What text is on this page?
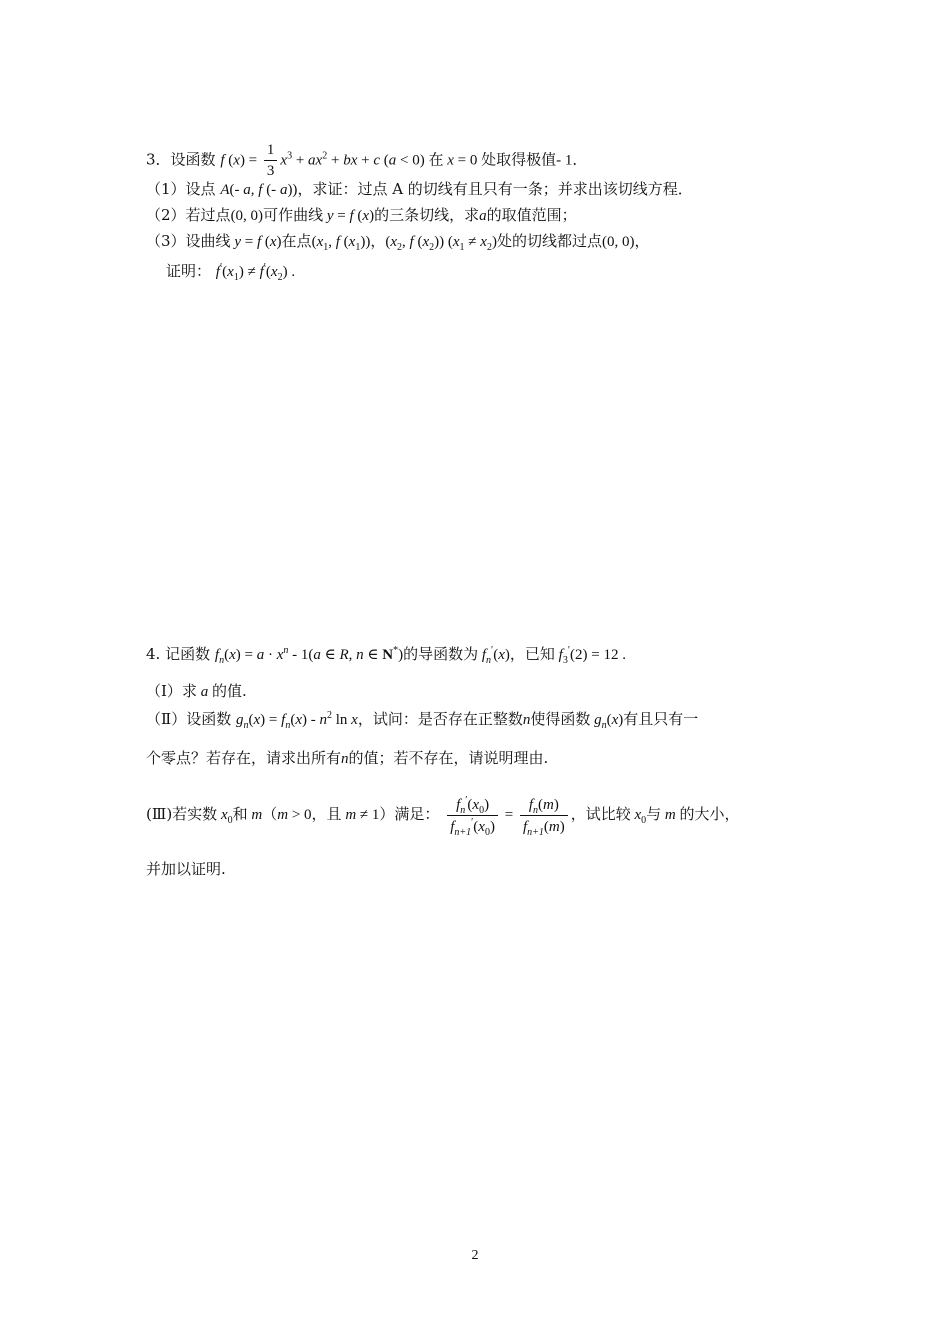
3．设函数 f $(x) = \frac{1}{3} x^3 + ax^2$ + bx + c (a < 0) 在 x = 0 处取得极值- 1．
（1）设点 A(- a, f (- a))，求证：过点 A 的切线有且只有一条；并求出该切线方程．
（2）若过点(0, 0)可作曲线 y = f (x)的三条切线，求a的取值范围；
（3）设曲线 y = f (x)在点($x_1$, f $(x_1)$)，($x_2$, f $(x_2)$) $(x_1 \ne x_2)$处的切线都过点(0, 0)，
证明： $f'(x_1) \ne f'(x_2)$ .
4. 记函数 $f_n(x) = a \cdot x^n - 1(a$ ∈ R, n ∈ N*)的导函数为 $f_n'(x)$，已知 $f_3'(2) = 12$ .
（Ⅰ）求 a 的值.
（Ⅱ）设函数 $g_n(x) = f_n(x) - n^2$ ln x，试问：是否存在正整数n使得函数 $g_n(x)$有且只有一
个零点？若存在，请求出所有n的值；若不存在，请说明理由.
(Ⅲ)若实数 $x_0$和 m（m > 0，且 m ≠ 1）满足： $\frac{f_n'(x_0)}{f_{n+1}'(x_0)} = \frac{f_n(m)}{f_{n+1}(m)}$ ，试比较 $x_0$与 m 的大小，
并加以证明.
2
